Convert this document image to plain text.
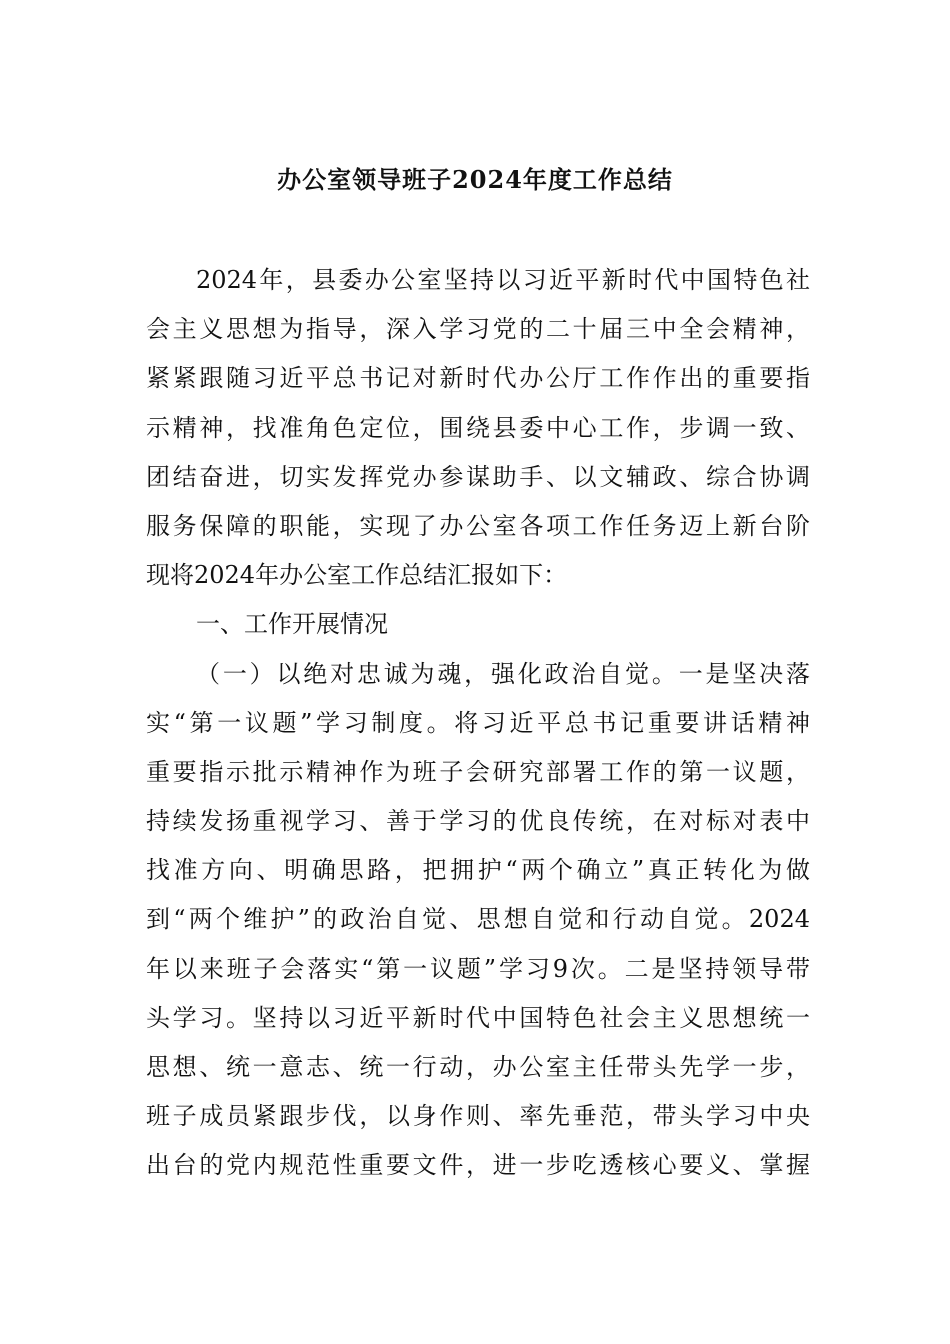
办公室领导班子2024年度工作总结
2024年，县委办公室坚持以习近平新时代中国特色社
会主义思想为指导，深入学习党的二十届三中全会精神，
紧紧跟随习近平总书记对新时代办公厅工作作出的重要指
示精神，找准角色定位，围绕县委中心工作，步调一致、
团结奋进，切实发挥党办参谋助手、以文辅政、综合协调
服务保障的职能，实现了办公室各项工作任务迈上新台阶
现将2024年办公室工作总结汇报如下：
一、工作开展情况
（一）以绝对忠诚为魂，强化政治自觉。一是坚决落
实“第一议题”学习制度。将习近平总书记重要讲话精神
重要指示批示精神作为班子会研究部署工作的第一议题，
持续发扬重视学习、善于学习的优良传统，在对标对表中
找准方向、明确思路，把拥护“两个确立”真正转化为做
到“两个维护”的政治自觉、思想自觉和行动自觉。2024
年以来班子会落实“第一议题”学习9次。二是坚持领导带
头学习。坚持以习近平新时代中国特色社会主义思想统一
思想、统一意志、统一行动，办公室主任带头先学一步，
班子成员紧跟步伐，以身作则、率先垂范，带头学习中央
出台的党内规范性重要文件，进一步吃透核心要义、掌握
